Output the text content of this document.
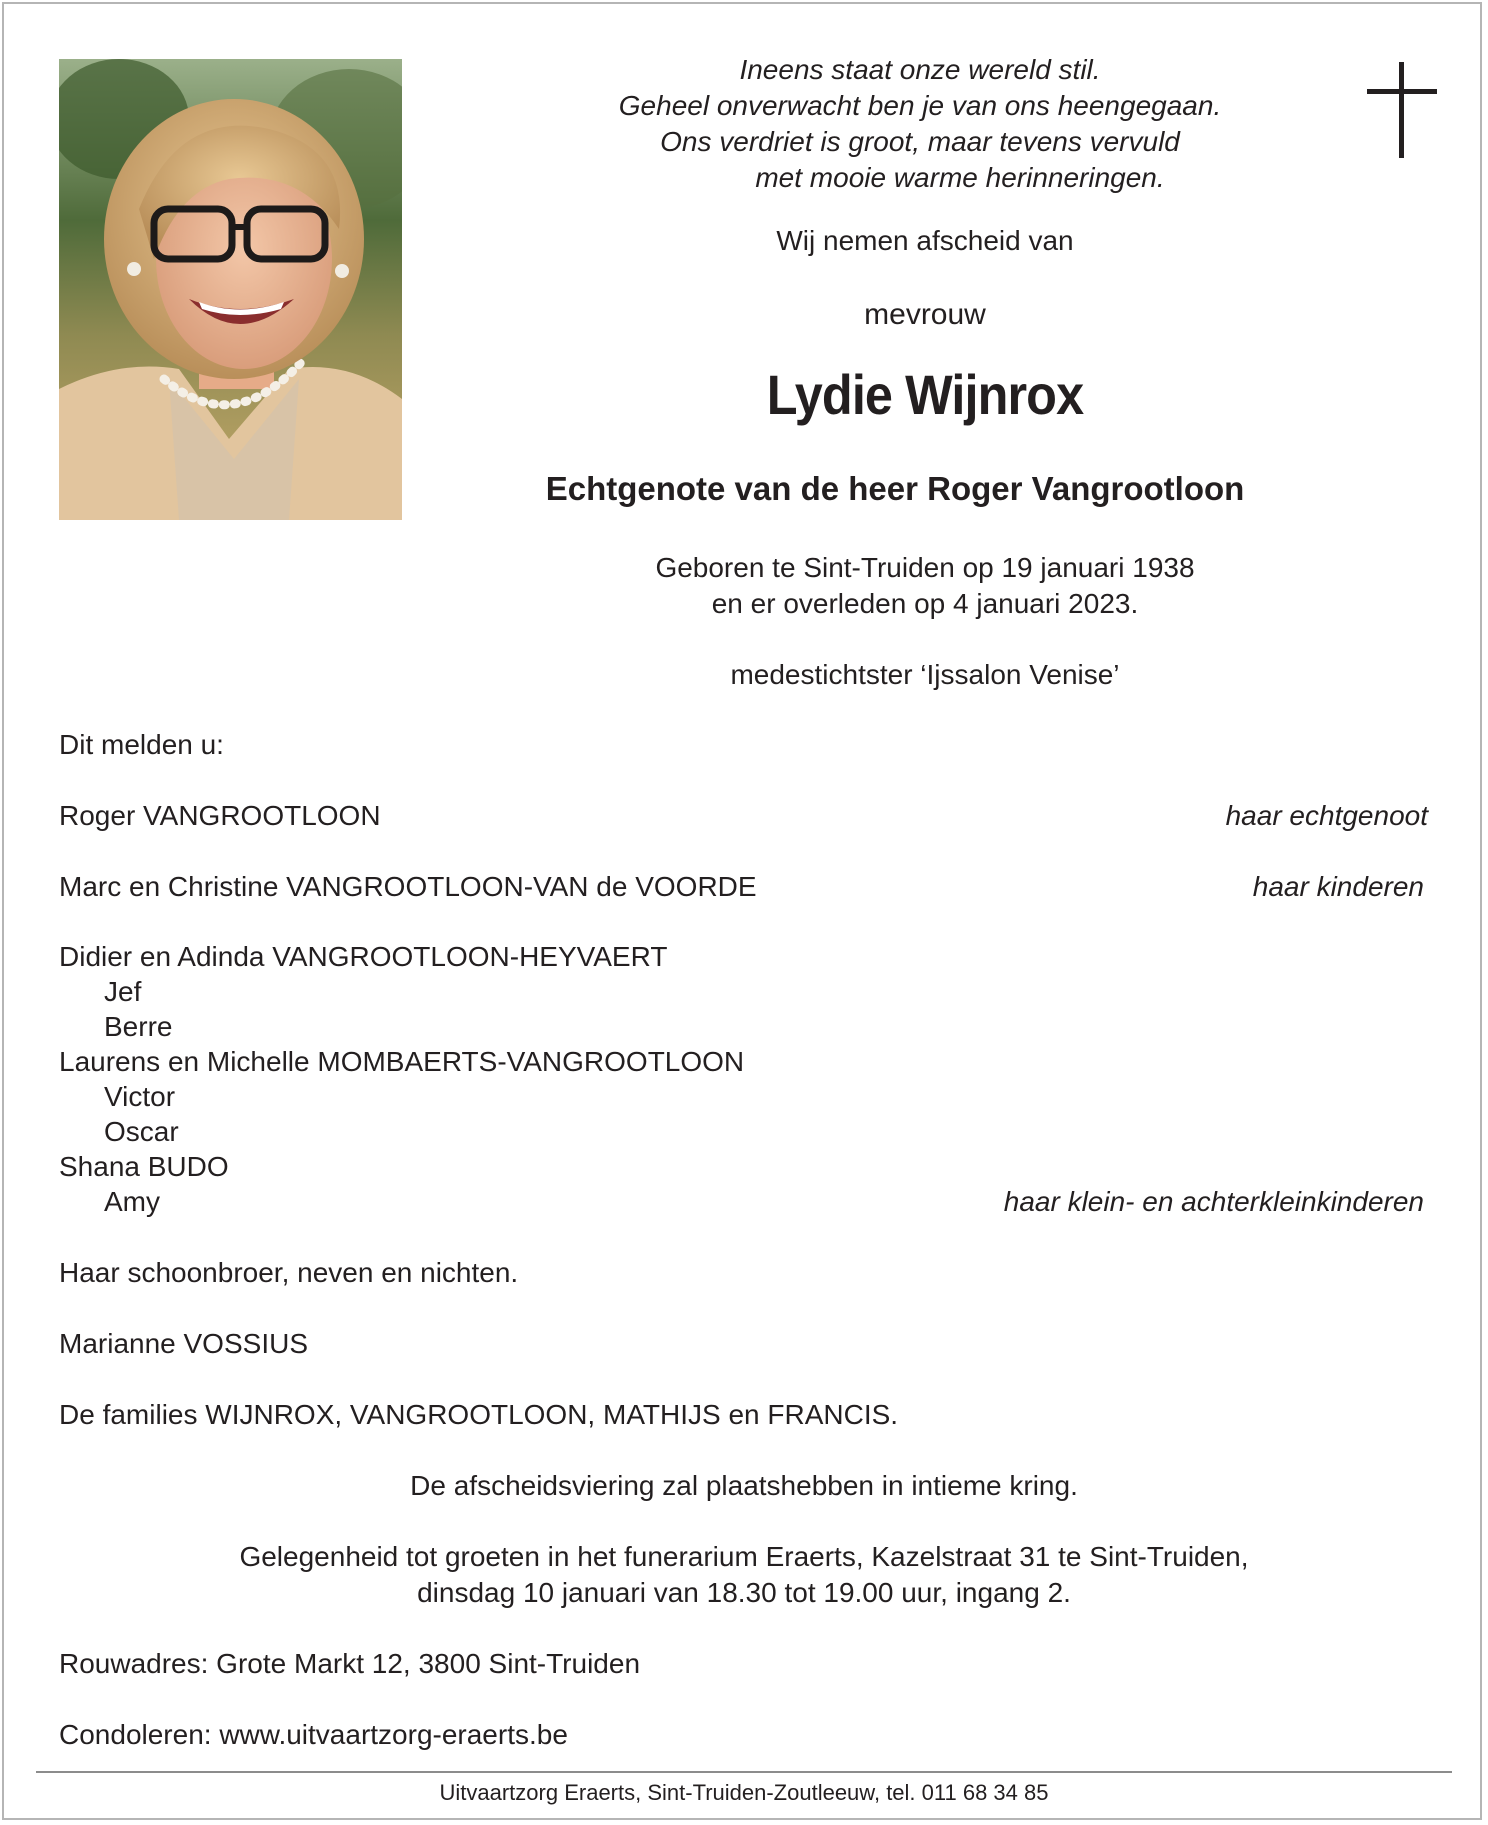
Ineens staat onze wereld stil.
Geheel onverwacht ben je van ons heengegaan.
Ons verdriet is groot, maar tevens vervuld
met mooie warme herinneringen.
Wij nemen afscheid van
mevrouw
Lydie Wijnrox
Echtgenote van de heer Roger Vangrootloon
Geboren te Sint-Truiden op 19 januari 1938
en er overleden op 4 januari 2023.
medestichtster ‘Ijssalon Venise’
Dit melden u:
Roger VANGROOTLOON	haar echtgenoot
Marc en Christine VANGROOTLOON-VAN de VOORDE	haar kinderen
Didier en Adinda VANGROOTLOON-HEYVAERT
Jef
Berre
Laurens en Michelle MOMBAERTS-VANGROOTLOON
Victor
Oscar
Shana BUDO
Amy	haar klein- en achterkleinkinderen
Haar schoonbroer, neven en nichten.
Marianne VOSSIUS
De families WIJNROX, VANGROOTLOON, MATHIJS en FRANCIS.
De afscheidsviering zal plaatshebben in intieme kring.
Gelegenheid tot groeten in het funerarium Eraerts, Kazelstraat 31 te Sint-Truiden,
dinsdag 10 januari van 18.30 tot 19.00 uur, ingang 2.
Rouwadres: Grote Markt 12, 3800 Sint-Truiden
Condoleren: www.uitvaartzorg-eraerts.be
Uitvaartzorg Eraerts, Sint-Truiden-Zoutleeuw, tel. 011 68 34 85
